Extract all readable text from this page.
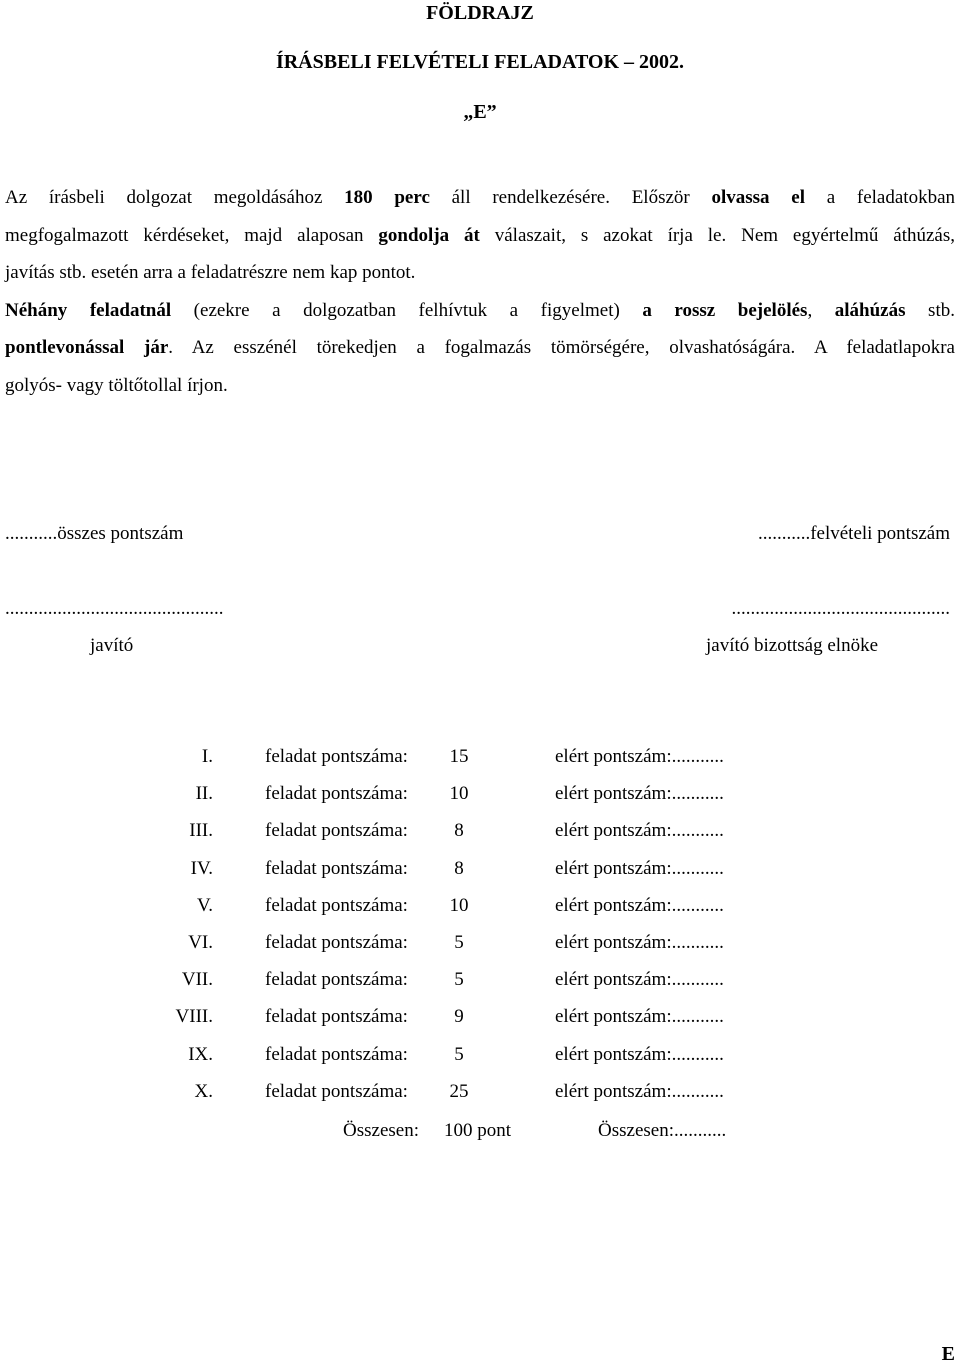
FÖLDRAJZ
ÍRÁSBELI FELVÉTELI FELADATOK – 2002.
„E”
Az írásbeli dolgozat megoldásához 180 perc áll rendelkezésére. Először olvassa el a feladatokban
megfogalmazott kérdéseket, majd alaposan gondolja át válaszait, s azokat írja le. Nem egyértelmű áthúzás,
javítás stb. esetén arra a feladatrészre nem kap pontot.
Néhány feladatnál (ezekre a dolgozatban felhívtuk a figyelmet) a rossz bejelölés, aláhúzás stb.
pontlevonással jár. Az esszénél törekedjen a fogalmazás tömörségére, olvashatóságára. A feladatlapokra
golyós- vagy töltőtollal írjon.
...........összes pontszám	...........felvételi pontszám
..............................................	..............................................
javító	javító bizottság elnöke
I.	feladat pontszáma: 15	elért pontszám:...........
II.	feladat pontszáma: 10	elért pontszám:...........
III.	feladat pontszáma:	8	elért pontszám:...........
IV.	feladat pontszáma:	8	elért pontszám:...........
V.	feladat pontszáma: 10	elért pontszám:...........
VI.	feladat pontszáma:	5	elért pontszám:...........
VII.	feladat pontszáma:	5	elért pontszám:...........
VIII.	feladat pontszáma:	9	elért pontszám:...........
IX.	feladat pontszáma:	5	elért pontszám:...........
X.	feladat pontszáma: 25	elért pontszám:...........
Összesen: 100 pont	Összesen:...........
E
